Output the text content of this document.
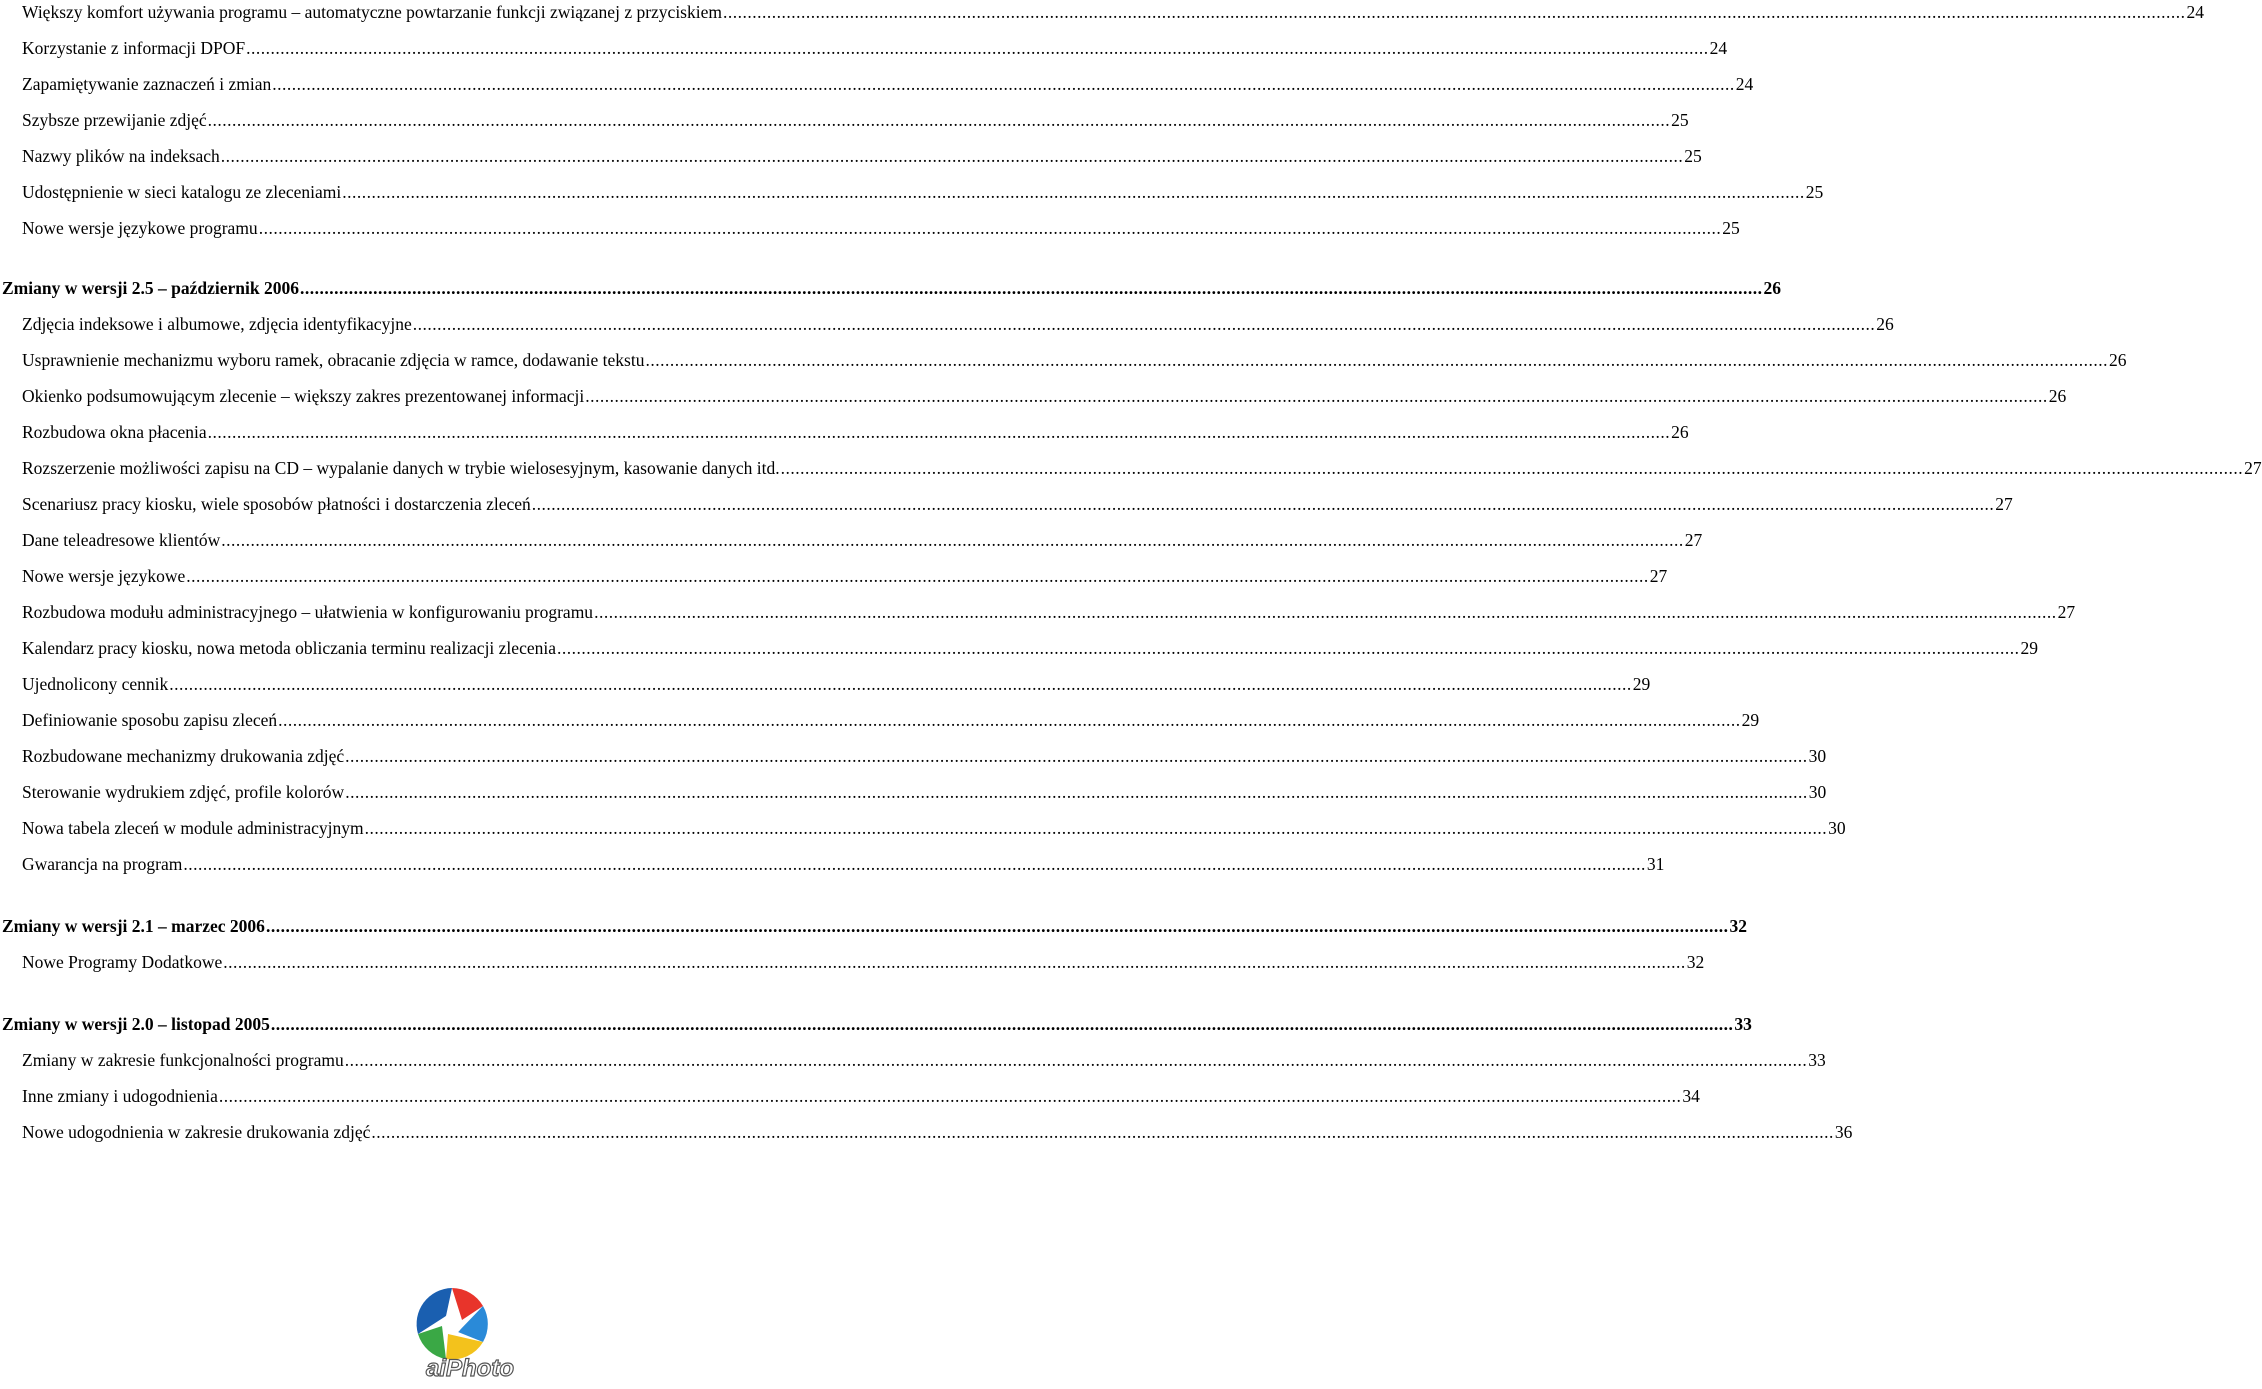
Większy komfort używania programu – automatyczne powtarzanie funkcji związanej z przyciskiem ............................................................................................................................................................................................................................................................................................................ 24
Korzystanie z informacji DPOF ............................................................................................................................................................................................................................................................................................................ 24
Zapamiętywanie zaznaczeń i zmian ............................................................................................................................................................................................................................................................................................................ 24
Szybsze przewijanie zdjęć ............................................................................................................................................................................................................................................................................................................ 25
Nazwy plików na indeksach ............................................................................................................................................................................................................................................................................................................ 25
Udostępnienie w sieci katalogu ze zleceniami ............................................................................................................................................................................................................................................................................................................ 25
Nowe wersje językowe programu ............................................................................................................................................................................................................................................................................................................ 25
Zmiany w wersji 2.5 – październik 2006 ............................................................................................................................................................................................................................................................................................................ 26
Zdjęcia indeksowe i albumowe, zdjęcia identyfikacyjne ............................................................................................................................................................................................................................................................................................................ 26
Usprawnienie mechanizmu wyboru ramek, obracanie zdjęcia w ramce, dodawanie tekstu ............................................................................................................................................................................................................................................................................................................ 26
Okienko podsumowującym zlecenie – większy zakres prezentowanej informacji ............................................................................................................................................................................................................................................................................................................ 26
Rozbudowa okna płacenia ............................................................................................................................................................................................................................................................................................................ 26
Rozszerzenie możliwości zapisu na CD – wypalanie danych w trybie wielosesyjnym, kasowanie danych itd. ............................................................................................................................................................................................................................................................................................................ 27
Scenariusz pracy kiosku, wiele sposobów płatności i dostarczenia zleceń ............................................................................................................................................................................................................................................................................................................ 27
Dane teleadresowe klientów ............................................................................................................................................................................................................................................................................................................ 27
Nowe wersje językowe ............................................................................................................................................................................................................................................................................................................ 27
Rozbudowa modułu administracyjnego – ułatwienia w konfigurowaniu programu ............................................................................................................................................................................................................................................................................................................ 27
Kalendarz pracy kiosku, nowa metoda obliczania terminu realizacji zlecenia ............................................................................................................................................................................................................................................................................................................ 29
Ujednolicony cennik ............................................................................................................................................................................................................................................................................................................ 29
Definiowanie sposobu zapisu zleceń ............................................................................................................................................................................................................................................................................................................ 29
Rozbudowane mechanizmy drukowania zdjęć ............................................................................................................................................................................................................................................................................................................ 30
Sterowanie wydrukiem zdjęć, profile kolorów ............................................................................................................................................................................................................................................................................................................ 30
Nowa tabela zleceń w module administracyjnym ............................................................................................................................................................................................................................................................................................................ 30
Gwarancja na program ............................................................................................................................................................................................................................................................................................................ 31
Zmiany w wersji 2.1 – marzec 2006 ............................................................................................................................................................................................................................................................................................................ 32
Nowe Programy Dodatkowe ............................................................................................................................................................................................................................................................................................................ 32
Zmiany w wersji 2.0 – listopad 2005 ............................................................................................................................................................................................................................................................................................................ 33
Zmiany w zakresie funkcjonalności programu ............................................................................................................................................................................................................................................................................................................ 33
Inne zmiany i udogodnienia ............................................................................................................................................................................................................................................................................................................ 34
Nowe udogodnienia w zakresie drukowania zdjęć ............................................................................................................................................................................................................................................................................................................ 36
aiPhoto
